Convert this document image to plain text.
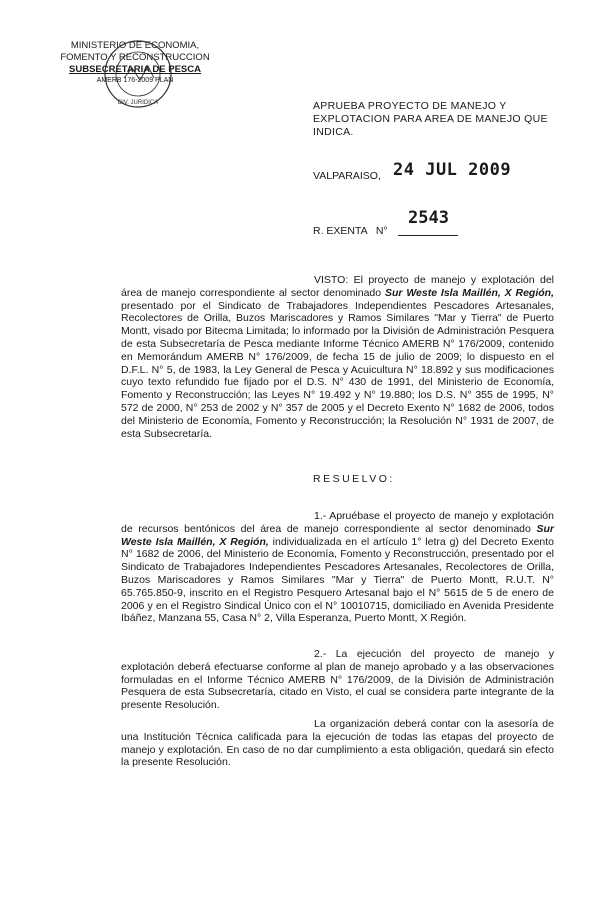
DIV. JURIDICA
MINISTERIO DE ECONOMIA,
FOMENTO Y RECONSTRUCCION
SUBSECRETARIA DE PESCA
AMERB 176-2009 PLAN
APRUEBA PROYECTO DE MANEJO Y EXPLOTACION PARA AREA DE MANEJO QUE INDICA.
VALPARAISO, 24 JUL 2009
R. EXENTA N°
2543
VISTO: El proyecto de manejo y explotación del área de manejo correspondiente al sector denominado Sur Weste Isla Maillén, X Región, presentado por el Sindicato de Trabajadores Independientes Pescadores Artesanales, Recolectores de Orilla, Buzos Mariscadores y Ramos Similares "Mar y Tierra" de Puerto Montt, visado por Bitecma Limitada; lo informado por la División de Administración Pesquera de esta Subsecretaría de Pesca mediante Informe Técnico AMERB N° 176/2009, contenido en Memorándum AMERB N° 176/2009, de fecha 15 de julio de 2009; lo dispuesto en el D.F.L. N° 5, de 1983, la Ley General de Pesca y Acuicultura N° 18.892 y sus modificaciones cuyo texto refundido fue fijado por el D.S. N° 430 de 1991, del Ministerio de Economía, Fomento y Reconstrucción; las Leyes N° 19.492 y N° 19.880; los D.S. N° 355 de 1995, N° 572 de 2000, N° 253 de 2002 y N° 357 de 2005 y el Decreto Exento N° 1682 de 2006, todos del Ministerio de Economía, Fomento y Reconstrucción; la Resolución N° 1931 de 2007, de esta Subsecretaría.
RESUELVO:
1.- Apruébase el proyecto de manejo y explotación de recursos bentónicos del área de manejo correspondiente al sector denominado Sur Weste Isla Maillén, X Región, individualizada en el artículo 1° letra g) del Decreto Exento N° 1682 de 2006, del Ministerio de Economía, Fomento y Reconstrucción, presentado por el Sindicato de Trabajadores Independientes Pescadores Artesanales, Recolectores de Orilla, Buzos Mariscadores y Ramos Similares "Mar y Tierra" de Puerto Montt, R.U.T. N° 65.765.850-9, inscrito en el Registro Pesquero Artesanal bajo el N° 5615 de 5 de enero de 2006 y en el Registro Sindical Único con el N° 10010715, domiciliado en Avenida Presidente Ibáñez, Manzana 55, Casa N° 2, Villa Esperanza, Puerto Montt, X Región.
2.- La ejecución del proyecto de manejo y explotación deberá efectuarse conforme al plan de manejo aprobado y a las observaciones formuladas en el Informe Técnico AMERB N° 176/2009, de la División de Administración Pesquera de esta Subsecretaría, citado en Visto, el cual se considera parte integrante de la presente Resolución.
La organización deberá contar con la asesoría de una Institución Técnica calificada para la ejecución de todas las etapas del proyecto de manejo y explotación. En caso de no dar cumplimiento a esta obligación, quedará sin efecto la presente Resolución.
